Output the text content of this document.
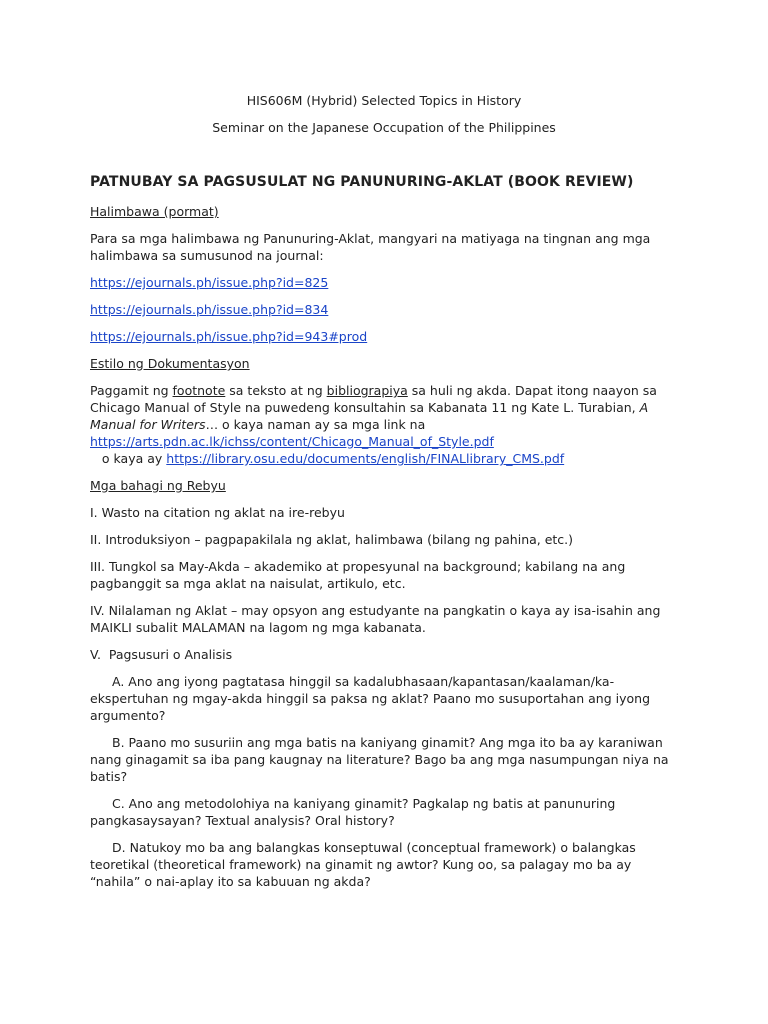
HIS606M (Hybrid) Selected Topics in History
Seminar on the Japanese Occupation of the Philippines
PATNUBAY SA PAGSUSULAT NG PANUNURING-AKLAT (BOOK REVIEW)

Halimbawa (pormat)

Para sa mga halimbawa ng Panunuring-Aklat, mangyari na matiyaga na tingnan ang mga halimbawa sa sumusunod na journal:

https://ejournals.ph/issue.php?id=825

https://ejournals.ph/issue.php?id=834

https://ejournals.ph/issue.php?id=943#prod

Estilo ng Dokumentasyon

Paggamit ng footnote sa teksto at ng bibliograpiya sa huli ng akda. Dapat itong naayon sa Chicago Manual of Style na puwedeng konsultahin sa Kabanata 11 ng Kate L. Turabian, A Manual for Writers… o kaya naman ay sa mga link na https://arts.pdn.ac.lk/ichss/content/Chicago_Manual_of_Style.pdf   o kaya ay https://library.osu.edu/documents/english/FINALlibrary_CMS.pdf

Mga bahagi ng Rebyu

I. Wasto na citation ng aklat na ire-rebyu

II. Introduksiyon – pagpapakilala ng aklat, halimbawa (bilang ng pahina, etc.)

III. Tungkol sa May-Akda – akademiko at propesyunal na background; kabilang na ang pagbanggit sa mga aklat na naisulat, artikulo, etc.

IV. Nilalaman ng Aklat – may opsyon ang estudyante na pangkatin o kaya ay isa-isahin ang MAIKLI subalit MALAMAN na lagom ng mga kabanata.

V.  Pagsusuri o Analisis

A. Ano ang iyong pagtatasa hinggil sa kadalubhasaan/kapantasan/kaalaman/ka-ekspertuhan ng mgay-akda hinggil sa paksa ng aklat? Paano mo susuportahan ang iyong argumento?

B. Paano mo susuriin ang mga batis na kaniyang ginamit? Ang mga ito ba ay karaniwan nang ginagamit sa iba pang kaugnay na literature? Bago ba ang mga nasumpungan niya na batis?

C. Ano ang metodolohiya na kaniyang ginamit? Pagkalap ng batis at panunuring pangkasaysayan? Textual analysis? Oral history?

D. Natukoy mo ba ang balangkas konseptuwal (conceptual framework) o balangkas teoretikal (theoretical framework) na ginamit ng awtor? Kung oo, sa palagay mo ba ay “nahila” o nai-aplay ito sa kabuuan ng akda?
